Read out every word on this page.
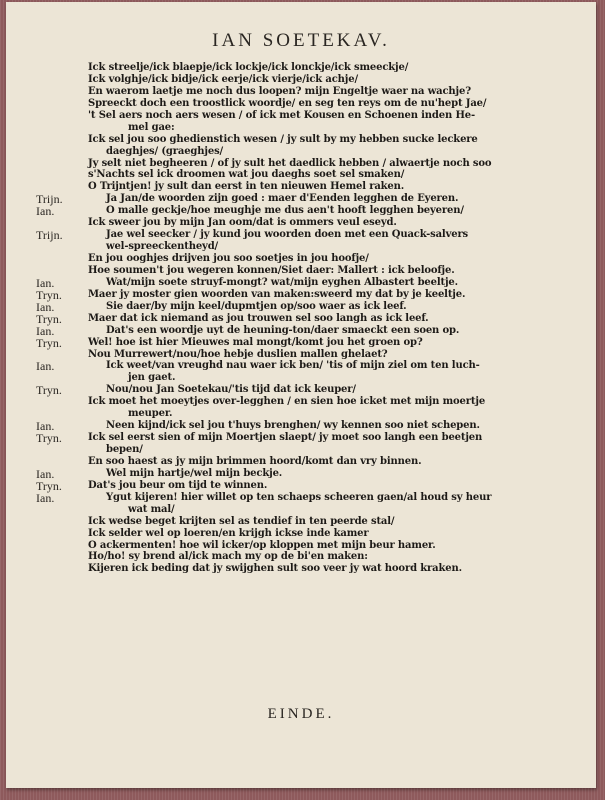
IAN SOETEKAV.
Ick streelje/ick blaepje/ick lockje/ick lonckje/ick smeeckje/
Ick volghje/ick bidje/ick eerje/ick vierje/ick achje/
En waerom laetje me noch dus loopen? mijn Engeltje waer na wachje?
Spreeckt doch een troostlick woordje/ en seg ten reys om de nu'hept Jae/
't Sel aers noch aers wesen / of ick met Kousen en Schoenen inden He-
mel gae:
Ick sel jou soo ghedienstich wesen / jy sult by my hebben sucke leckere
daeghjes/ (graeghjes/
Jy selt niet begheeren / of jy sult het daedlick hebben / alwaertje noch soo
s'Nachts sel ick droomen wat jou daeghs soet sel smaken/
O Trijntjen! jy sult dan eerst in ten nieuwen Hemel raken.
Trijn.	Ja Jan/de woorden zijn goed : maer d'Eenden legghen de Eyeren.
Ian.	O malle geckje/hoe meughje me dus aen't hooft legghen beyeren/
Ick sweer jou by mijn Jan oom/dat is ommers veul eseyd.
Trijn.	Jae wel seecker / jy kund jou woorden doen met een Quack-salvers
wel-spreeckentheyd/
En jou ooghjes drijven jou soo soetjes in jou hoofje/
Hoe soumen't jou wegeren konnen/Siet daer: Mallert : ick beloofje.
Ian.	Wat/mijn soete struyf-mongt? wat/mijn eyghen Albastert beeltje.
Tryn.	Maer jy moster gien woorden van maken:sweerd my dat by je keeltje.
Ian.	Sie daer/by mijn keel/dupmtjen op/soo waer as ick leef.
Tryn.	Maer dat ick niemand as jou trouwen sel soo langh as ick leef.
Ian.	Dat's een woordje uyt de heuning-ton/daer smaeckt een soen op.
Tryn.	Wel! hoe ist hier Mieuwes mal mongt/komt jou het groen op?
Nou Murrewert/nou/hoe hebje duslien mallen ghelaet?
Ian.	Ick weet/van vreughd nau waer ick ben/ 'tis of mijn ziel om ten luch-
jen gaet.
Tryn.	Nou/nou Jan Soetekau/'tis tijd dat ick keuper/
Ick moet het moeytjes over-legghen / en sien hoe icket met mijn moertje
meuper.
Ian.	Neen kijnd/ick sel jou t'huys brenghen/ wy kennen soo niet schepen.
Tryn.	Ick sel eerst sien of mijn Moertjen slaept/ jy moet soo langh een beetjen
bepen/
En soo haest as jy mijn brimmen hoord/komt dan vry binnen.
Ian.	Wel mijn hartje/wel mijn beckje.
Tryn.	Dat's jou beur om tijd te winnen.
Ian.	Ygut kijeren! hier willet op ten schaeps scheeren gaen/al houd sy heur
wat mal/
Ick wedse beget krijten sel as tendief in ten peerde stal/
Ick selder wel op loeren/en krijgh ickse inde kamer
O ackermenten! hoe wil icker/op kloppen met mijn beur hamer.
Ho/ho! sy brend al/ick mach my op de bi'en maken:
Kijeren ick beding dat jy swijghen sult soo veer jy wat hoord kraken.
EINDE.
